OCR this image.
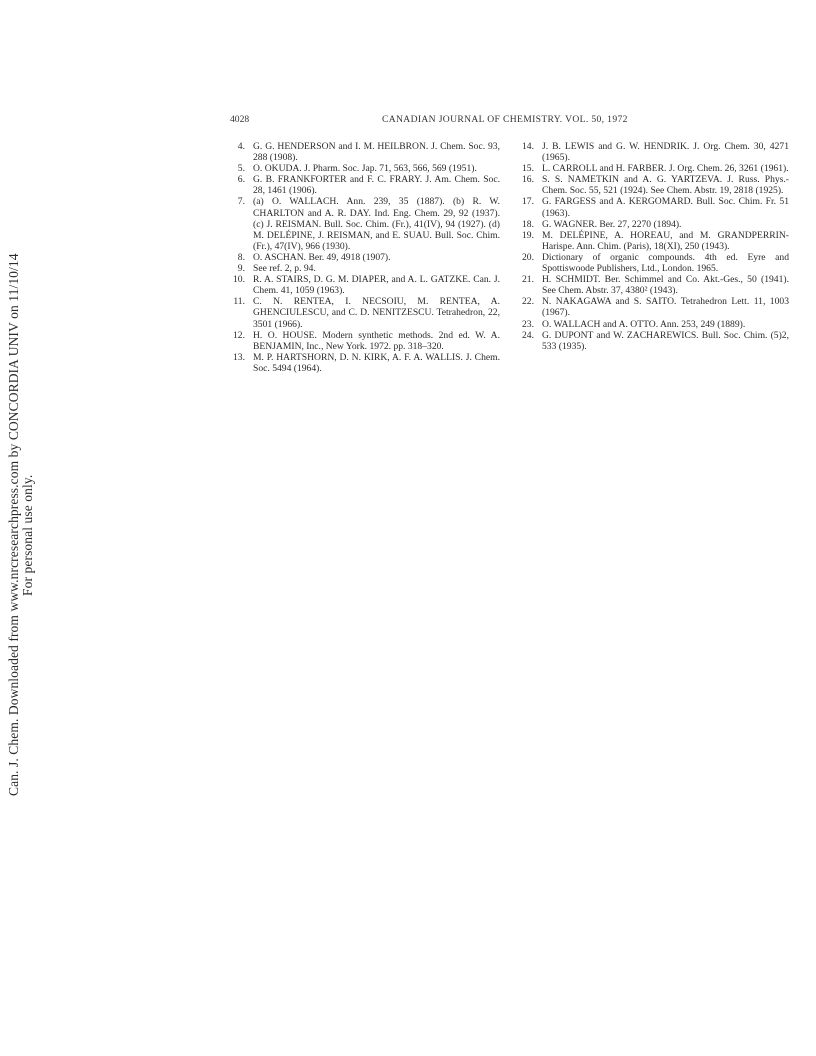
Can. J. Chem. Downloaded from www.nrcresearchpress.com by CONCORDIA UNIV on 11/10/14 For personal use only.
4028	CANADIAN JOURNAL OF CHEMISTRY. VOL. 50, 1972
4. G. G. HENDERSON and I. M. HEILBRON. J. Chem. Soc. 93, 288 (1908).
5. O. OKUDA. J. Pharm. Soc. Jap. 71, 563, 566, 569 (1951).
6. G. B. FRANKFORTER and F. C. FRARY. J. Am. Chem. Soc. 28, 1461 (1906).
7. (a) O. WALLACH. Ann. 239, 35 (1887). (b) R. W. CHARLTON and A. R. DAY. Ind. Eng. Chem. 29, 92 (1937). (c) J. REISMAN. Bull. Soc. Chim. (Fr.), 41(IV), 94 (1927). (d) M. DELÉPINE, J. REISMAN, and E. SUAU. Bull. Soc. Chim. (Fr.), 47(IV), 966 (1930).
8. O. ASCHAN. Ber. 49, 4918 (1907).
9. See ref. 2, p. 94.
10. R. A. STAIRS, D. G. M. DIAPER, and A. L. GATZKE. Can. J. Chem. 41, 1059 (1963).
11. C. N. RENTEA, I. NECSOIU, M. RENTEA, A. GHENCIULESCU, and C. D. NENITZESCU. Tetrahedron, 22, 3501 (1966).
12. H. O. HOUSE. Modern synthetic methods. 2nd ed. W. A. BENJAMIN, Inc., New York. 1972. pp. 318–320.
13. M. P. HARTSHORN, D. N. KIRK, A. F. A. WALLIS. J. Chem. Soc. 5494 (1964).
14. J. B. LEWIS and G. W. HENDRIK. J. Org. Chem. 30, 4271 (1965).
15. L. CARROLL and H. FARBER. J. Org. Chem. 26, 3261 (1961).
16. S. S. NAMETKIN and A. G. YARTZEVA. J. Russ. Phys.-Chem. Soc. 55, 521 (1924). See Chem. Abstr. 19, 2818 (1925).
17. G. FARGESS and A. KERGOMARD. Bull. Soc. Chim. Fr. 51 (1963).
18. G. WAGNER. Ber. 27, 2270 (1894).
19. M. DELÉPINE, A. HOREAU, and M. GRANDPERRIN-Harispe. Ann. Chim. (Paris), 18(XI), 250 (1943).
20. Dictionary of organic compounds. 4th ed. Eyre and Spottiswoode Publishers, Ltd., London. 1965.
21. H. SCHMIDT. Ber. Schimmel and Co. Akt.-Ges., 50 (1941). See Chem. Abstr. 37, 4380² (1943).
22. N. NAKAGAWA and S. SAITO. Tetrahedron Lett. 11, 1003 (1967).
23. O. WALLACH and A. OTTO. Ann. 253, 249 (1889).
24. G. DUPONT and W. ZACHAREWICS. Bull. Soc. Chim. (5)2, 533 (1935).
